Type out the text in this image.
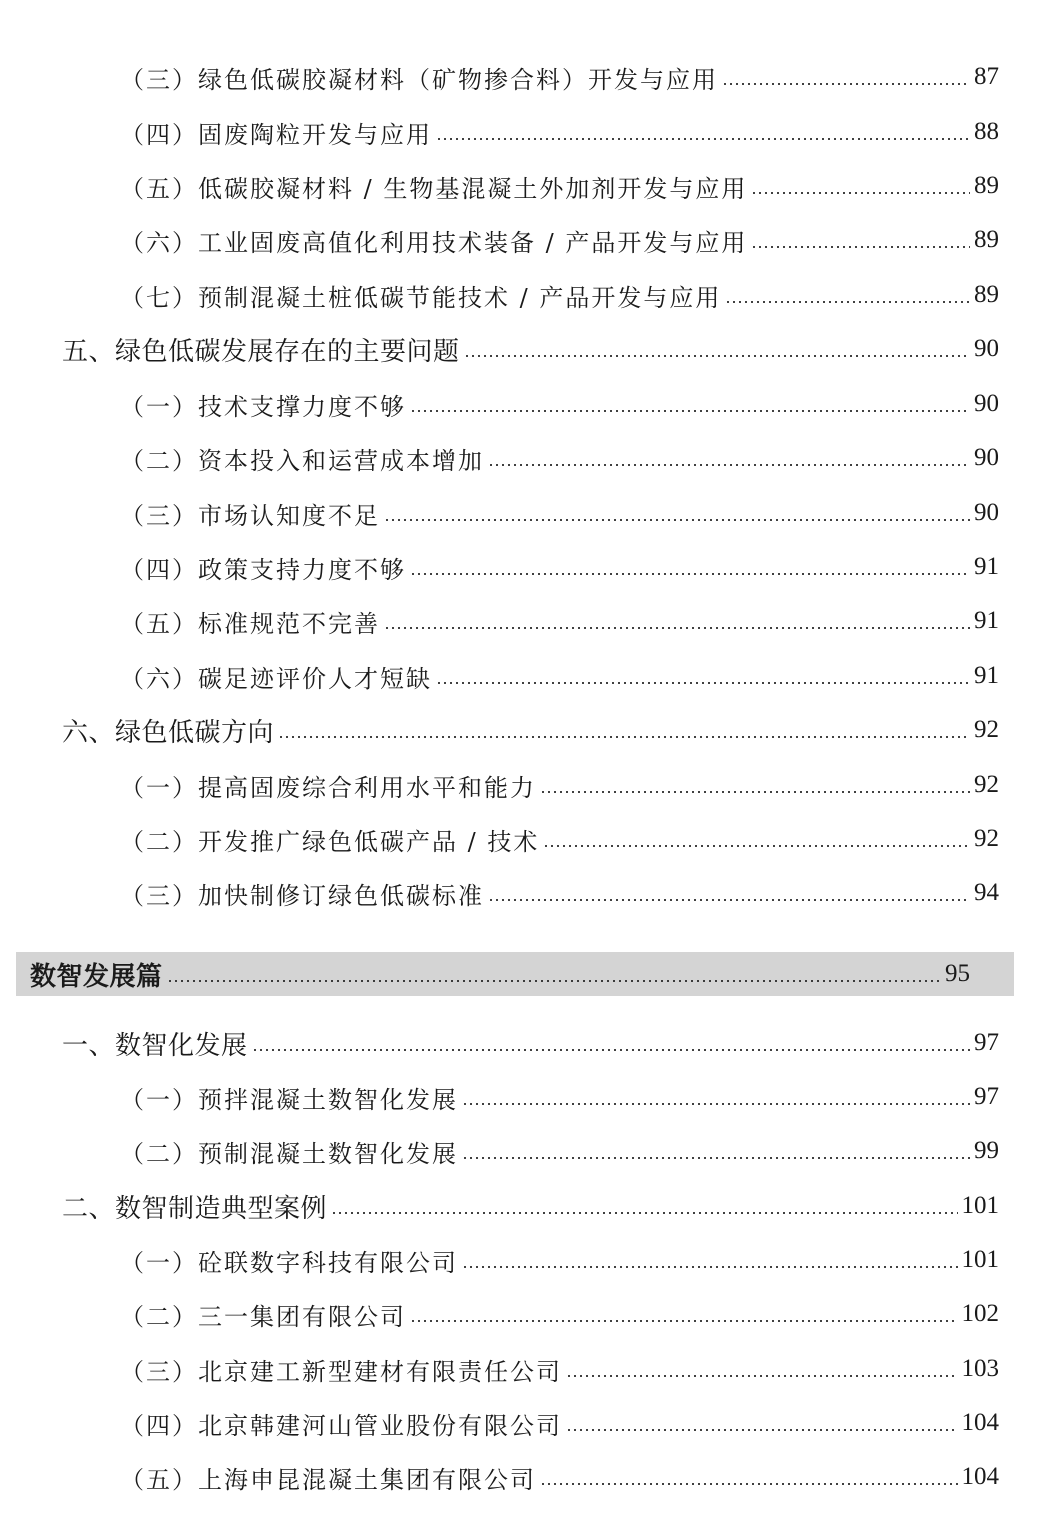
（三）绿色低碳胶凝材料（矿物掺合料）开发与应用	87
（四）固废陶粒开发与应用	88
（五）低碳胶凝材料 / 生物基混凝土外加剂开发与应用	89
（六）工业固废高值化利用技术装备 / 产品开发与应用	89
（七）预制混凝土桩低碳节能技术 / 产品开发与应用	89
五、绿色低碳发展存在的主要问题	90
（一）技术支撑力度不够	90
（二）资本投入和运营成本增加	90
（三）市场认知度不足	90
（四）政策支持力度不够	91
（五）标准规范不完善	91
（六）碳足迹评价人才短缺	91
六、绿色低碳方向	92
（一）提高固废综合利用水平和能力	92
（二）开发推广绿色低碳产品 / 技术	92
（三）加快制修订绿色低碳标准	94
数智发展篇	95
一、数智化发展	97
（一）预拌混凝土数智化发展	97
（二）预制混凝土数智化发展	99
二、数智制造典型案例	101
（一）砼联数字科技有限公司	101
（二）三一集团有限公司	102
（三）北京建工新型建材有限责任公司	103
（四）北京韩建河山管业股份有限公司	104
（五）上海申昆混凝土集团有限公司	104
